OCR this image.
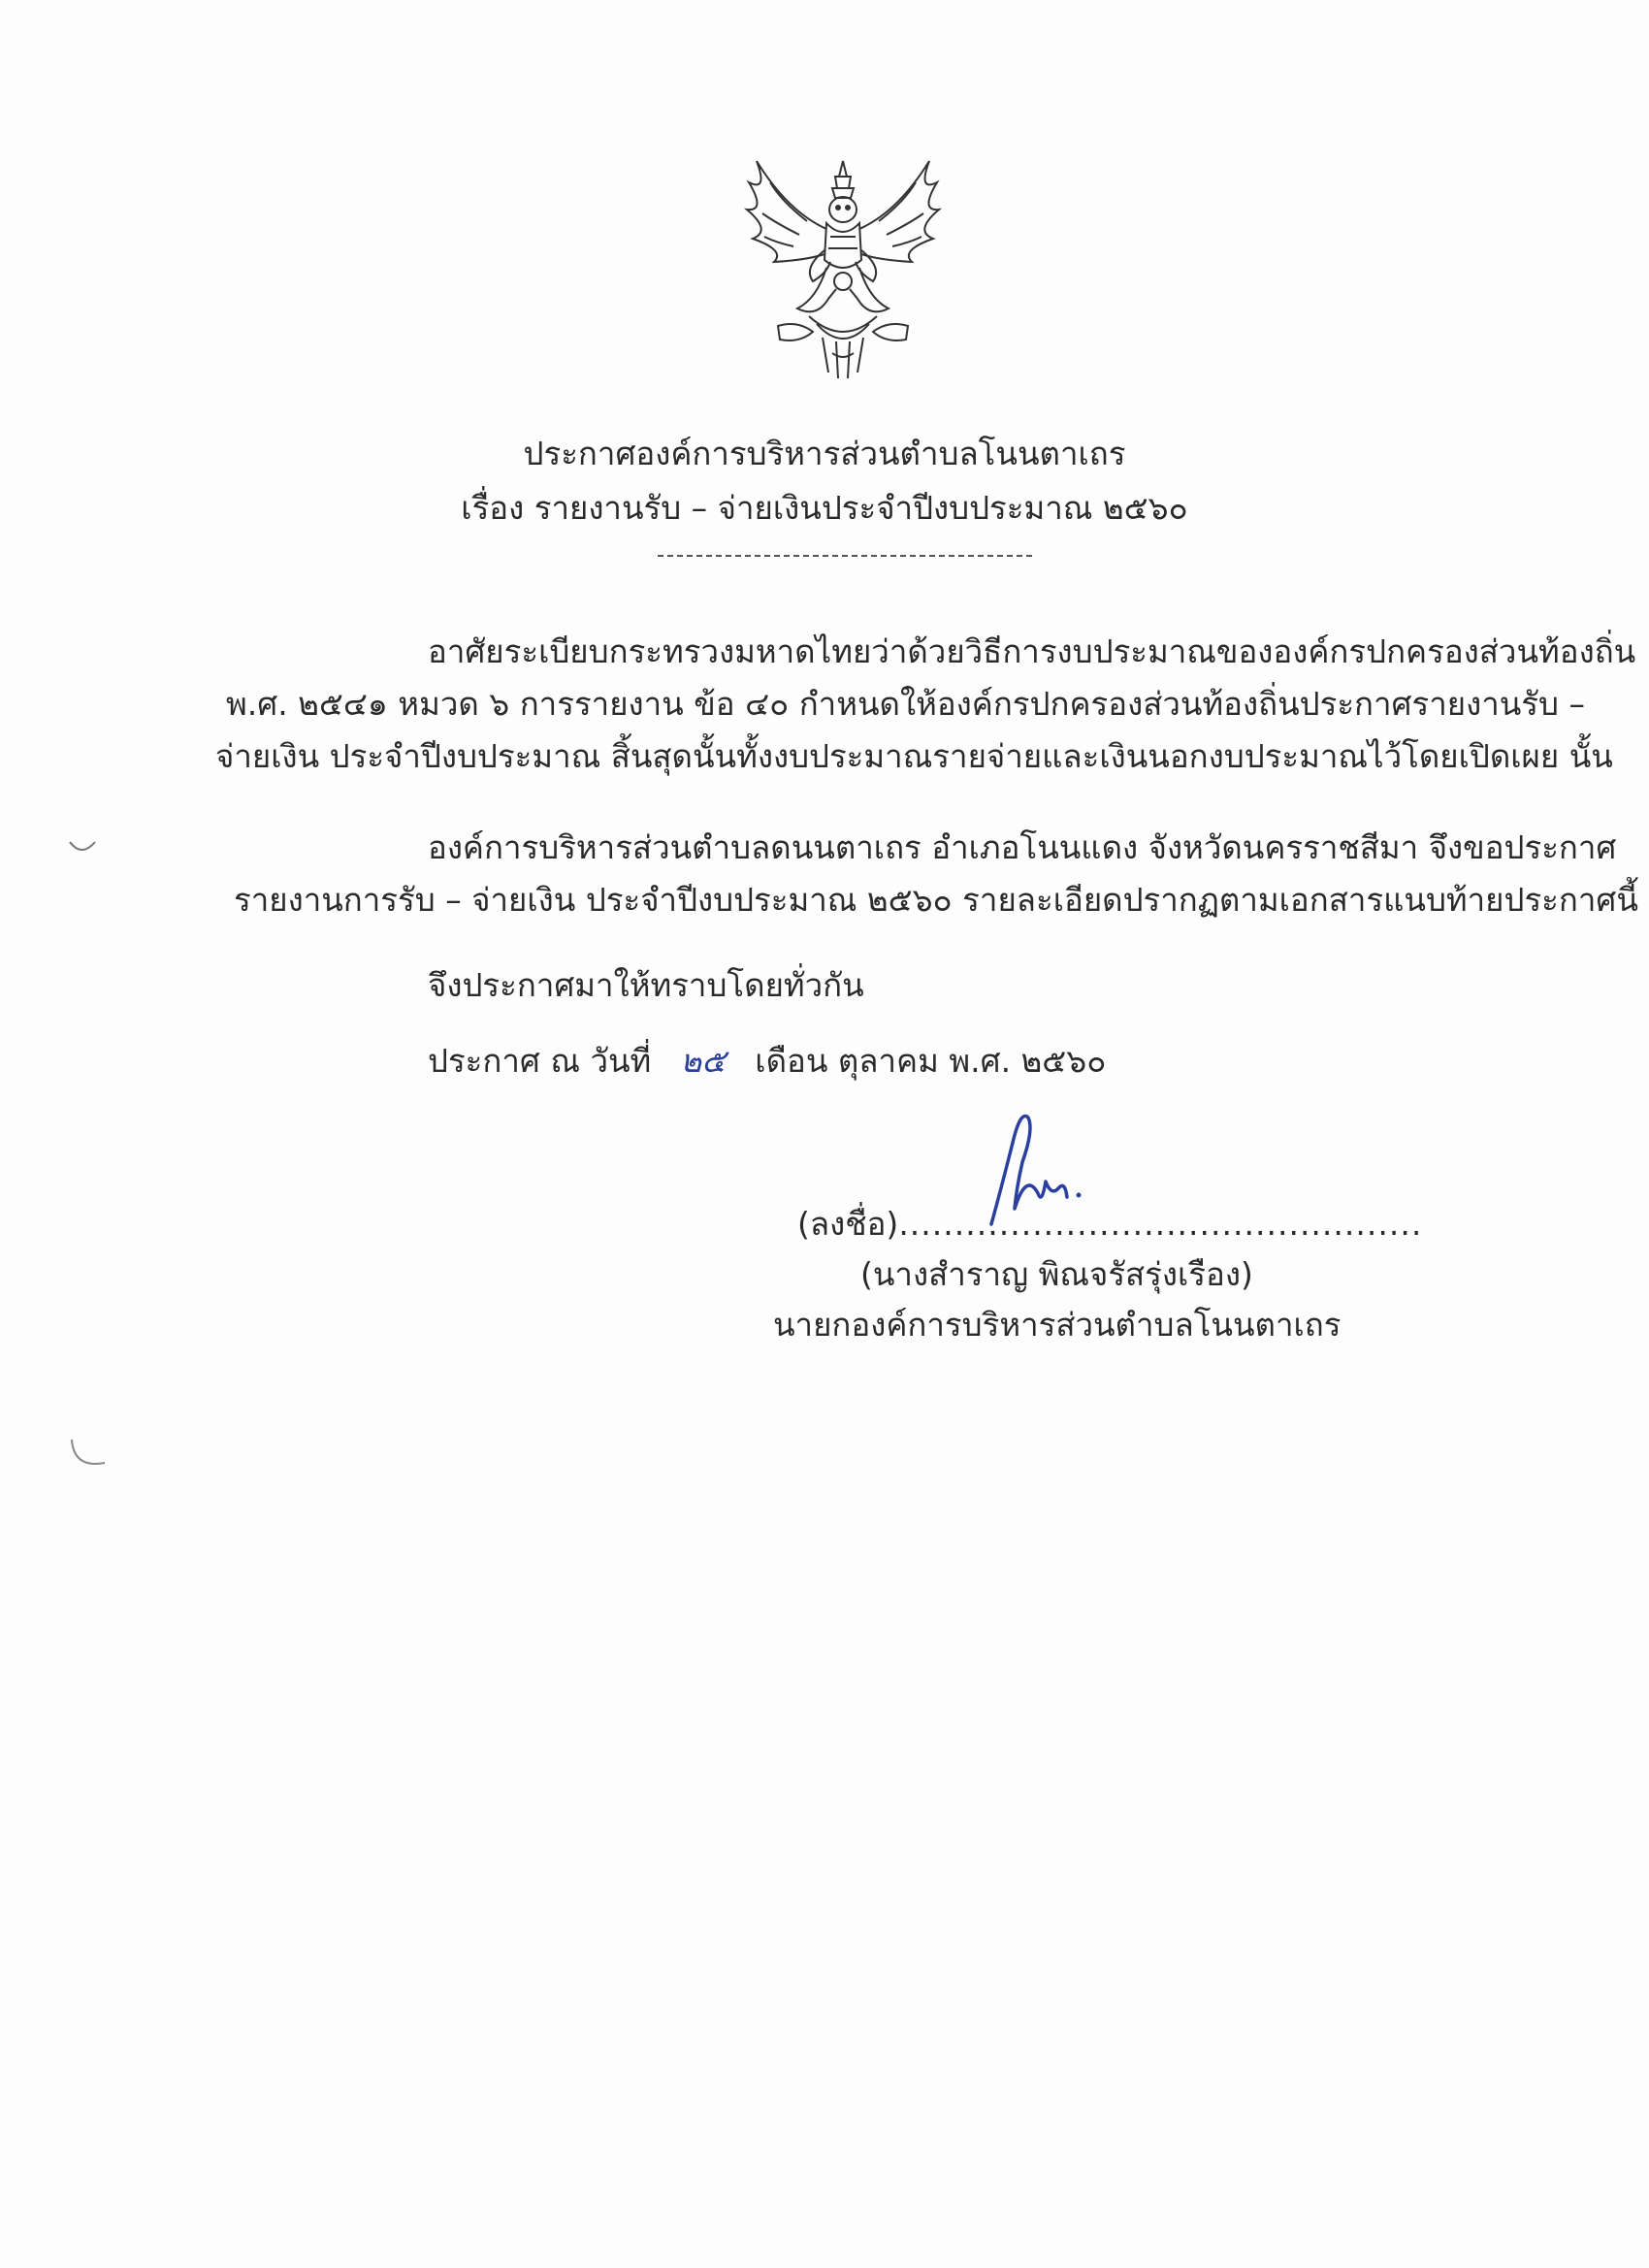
ประกาศองค์การบริหารส่วนตำบลโนนตาเถร
เรื่อง รายงานรับ – จ่ายเงินประจำปีงบประมาณ ๒๕๖๐
อาศัยระเบียบกระทรวงมหาดไทยว่าด้วยวิธีการงบประมาณขององค์กรปกครองส่วนท้องถิ่น
พ.ศ. ๒๕๔๑ หมวด ๖ การรายงาน ข้อ ๔๐ กำหนดให้องค์กรปกครองส่วนท้องถิ่นประกาศรายงานรับ –
จ่ายเงิน ประจำปีงบประมาณ สิ้นสุดนั้นทั้งงบประมาณรายจ่ายและเงินนอกงบประมาณไว้โดยเปิดเผย นั้น
องค์การบริหารส่วนตำบลดนนตาเถร อำเภอโนนแดง จังหวัดนครราชสีมา จึงขอประกาศ
รายงานการรับ – จ่ายเงิน ประจำปีงบประมาณ ๒๕๖๐ รายละเอียดปรากฏตามเอกสารแนบท้ายประกาศนี้
จึงประกาศมาให้ทราบโดยทั่วกัน
ประกาศ ณ วันที่ ๒๕ เดือน ตุลาคม พ.ศ. ๒๕๖๐
(ลงชื่อ)...............................................
(นางสำราญ พิณจรัสรุ่งเรือง)
นายกองค์การบริหารส่วนตำบลโนนตาเถร
